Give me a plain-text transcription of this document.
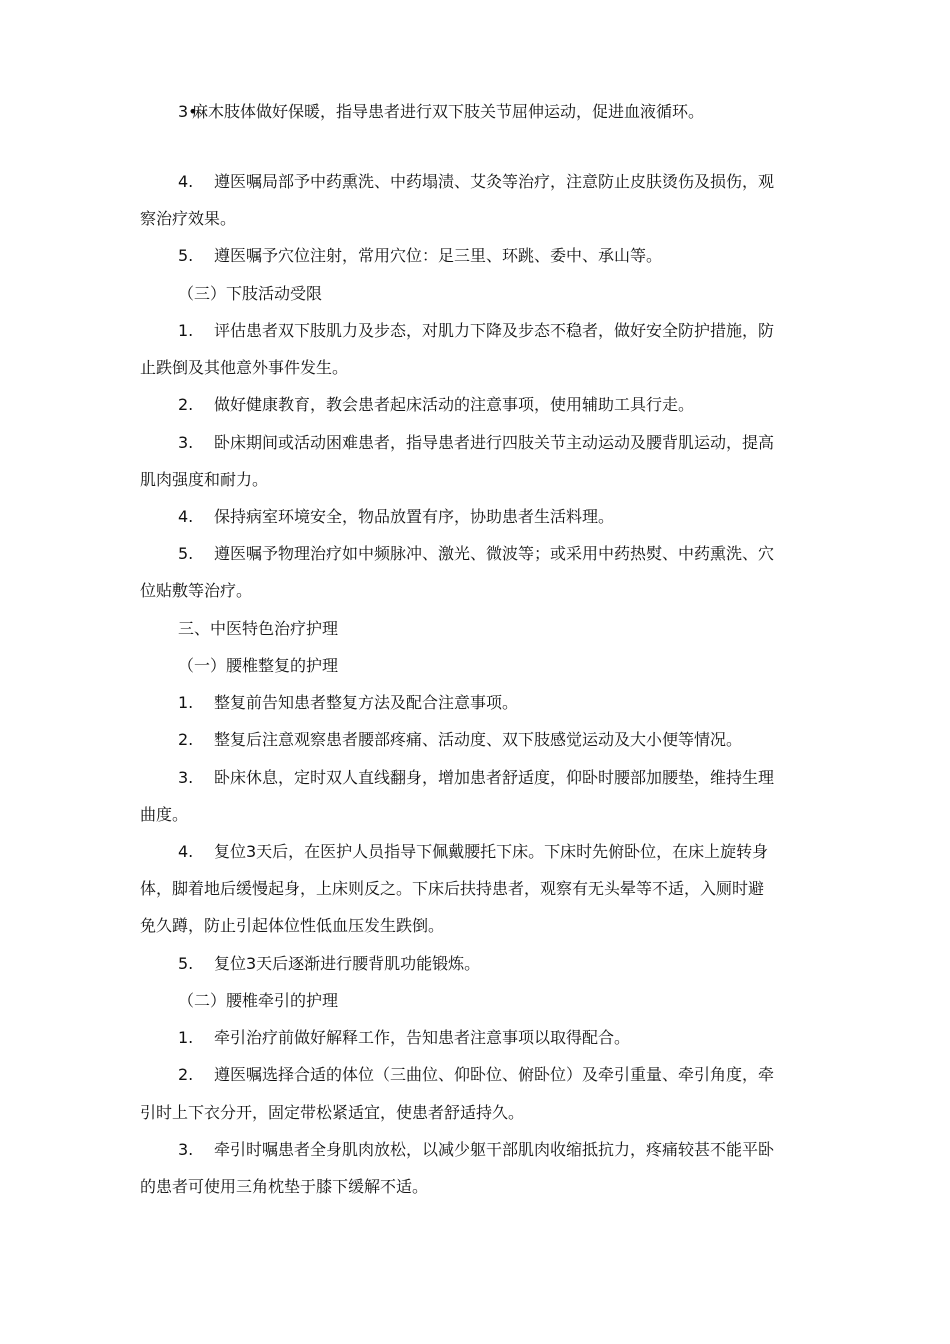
3•麻木肢体做好保暖，指导患者进行双下肢关节屈伸运动，促进血液循环。
4. 遵医嘱局部予中药熏洗、中药塌渍、艾灸等治疗，注意防止皮肤烫伤及损伤，观
察治疗效果。
5. 遵医嘱予穴位注射，常用穴位：足三里、环跳、委中、承山等。
（三）下肢活动受限
1. 评估患者双下肢肌力及步态，对肌力下降及步态不稳者，做好安全防护措施，防
止跌倒及其他意外事件发生。
2. 做好健康教育，教会患者起床活动的注意事项，使用辅助工具行走。
3. 卧床期间或活动困难患者，指导患者进行四肢关节主动运动及腰背肌运动，提高
肌肉强度和耐力。
4. 保持病室环境安全，物品放置有序，协助患者生活料理。
5. 遵医嘱予物理治疗如中频脉冲、激光、微波等；或采用中药热熨、中药熏洗、穴
位贴敷等治疗。
三、中医特色治疗护理
（一）腰椎整复的护理
1. 整复前告知患者整复方法及配合注意事项。
2. 整复后注意观察患者腰部疼痛、活动度、双下肢感觉运动及大小便等情况。
3. 卧床休息，定时双人直线翻身，增加患者舒适度，仰卧时腰部加腰垫，维持生理
曲度。
4. 复位3天后，在医护人员指导下佩戴腰托下床。下床时先俯卧位，在床上旋转身
体，脚着地后缓慢起身，上床则反之。下床后扶持患者，观察有无头晕等不适，入厕时避
免久蹲，防止引起体位性低血压发生跌倒。
5. 复位3天后逐渐进行腰背肌功能锻炼。
（二）腰椎牵引的护理
1. 牵引治疗前做好解释工作，告知患者注意事项以取得配合。
2. 遵医嘱选择合适的体位（三曲位、仰卧位、俯卧位）及牵引重量、牵引角度，牵
引时上下衣分开，固定带松紧适宜，使患者舒适持久。
3. 牵引时嘱患者全身肌肉放松，以减少躯干部肌肉收缩抵抗力，疼痛较甚不能平卧
的患者可使用三角枕垫于膝下缓解不适。
